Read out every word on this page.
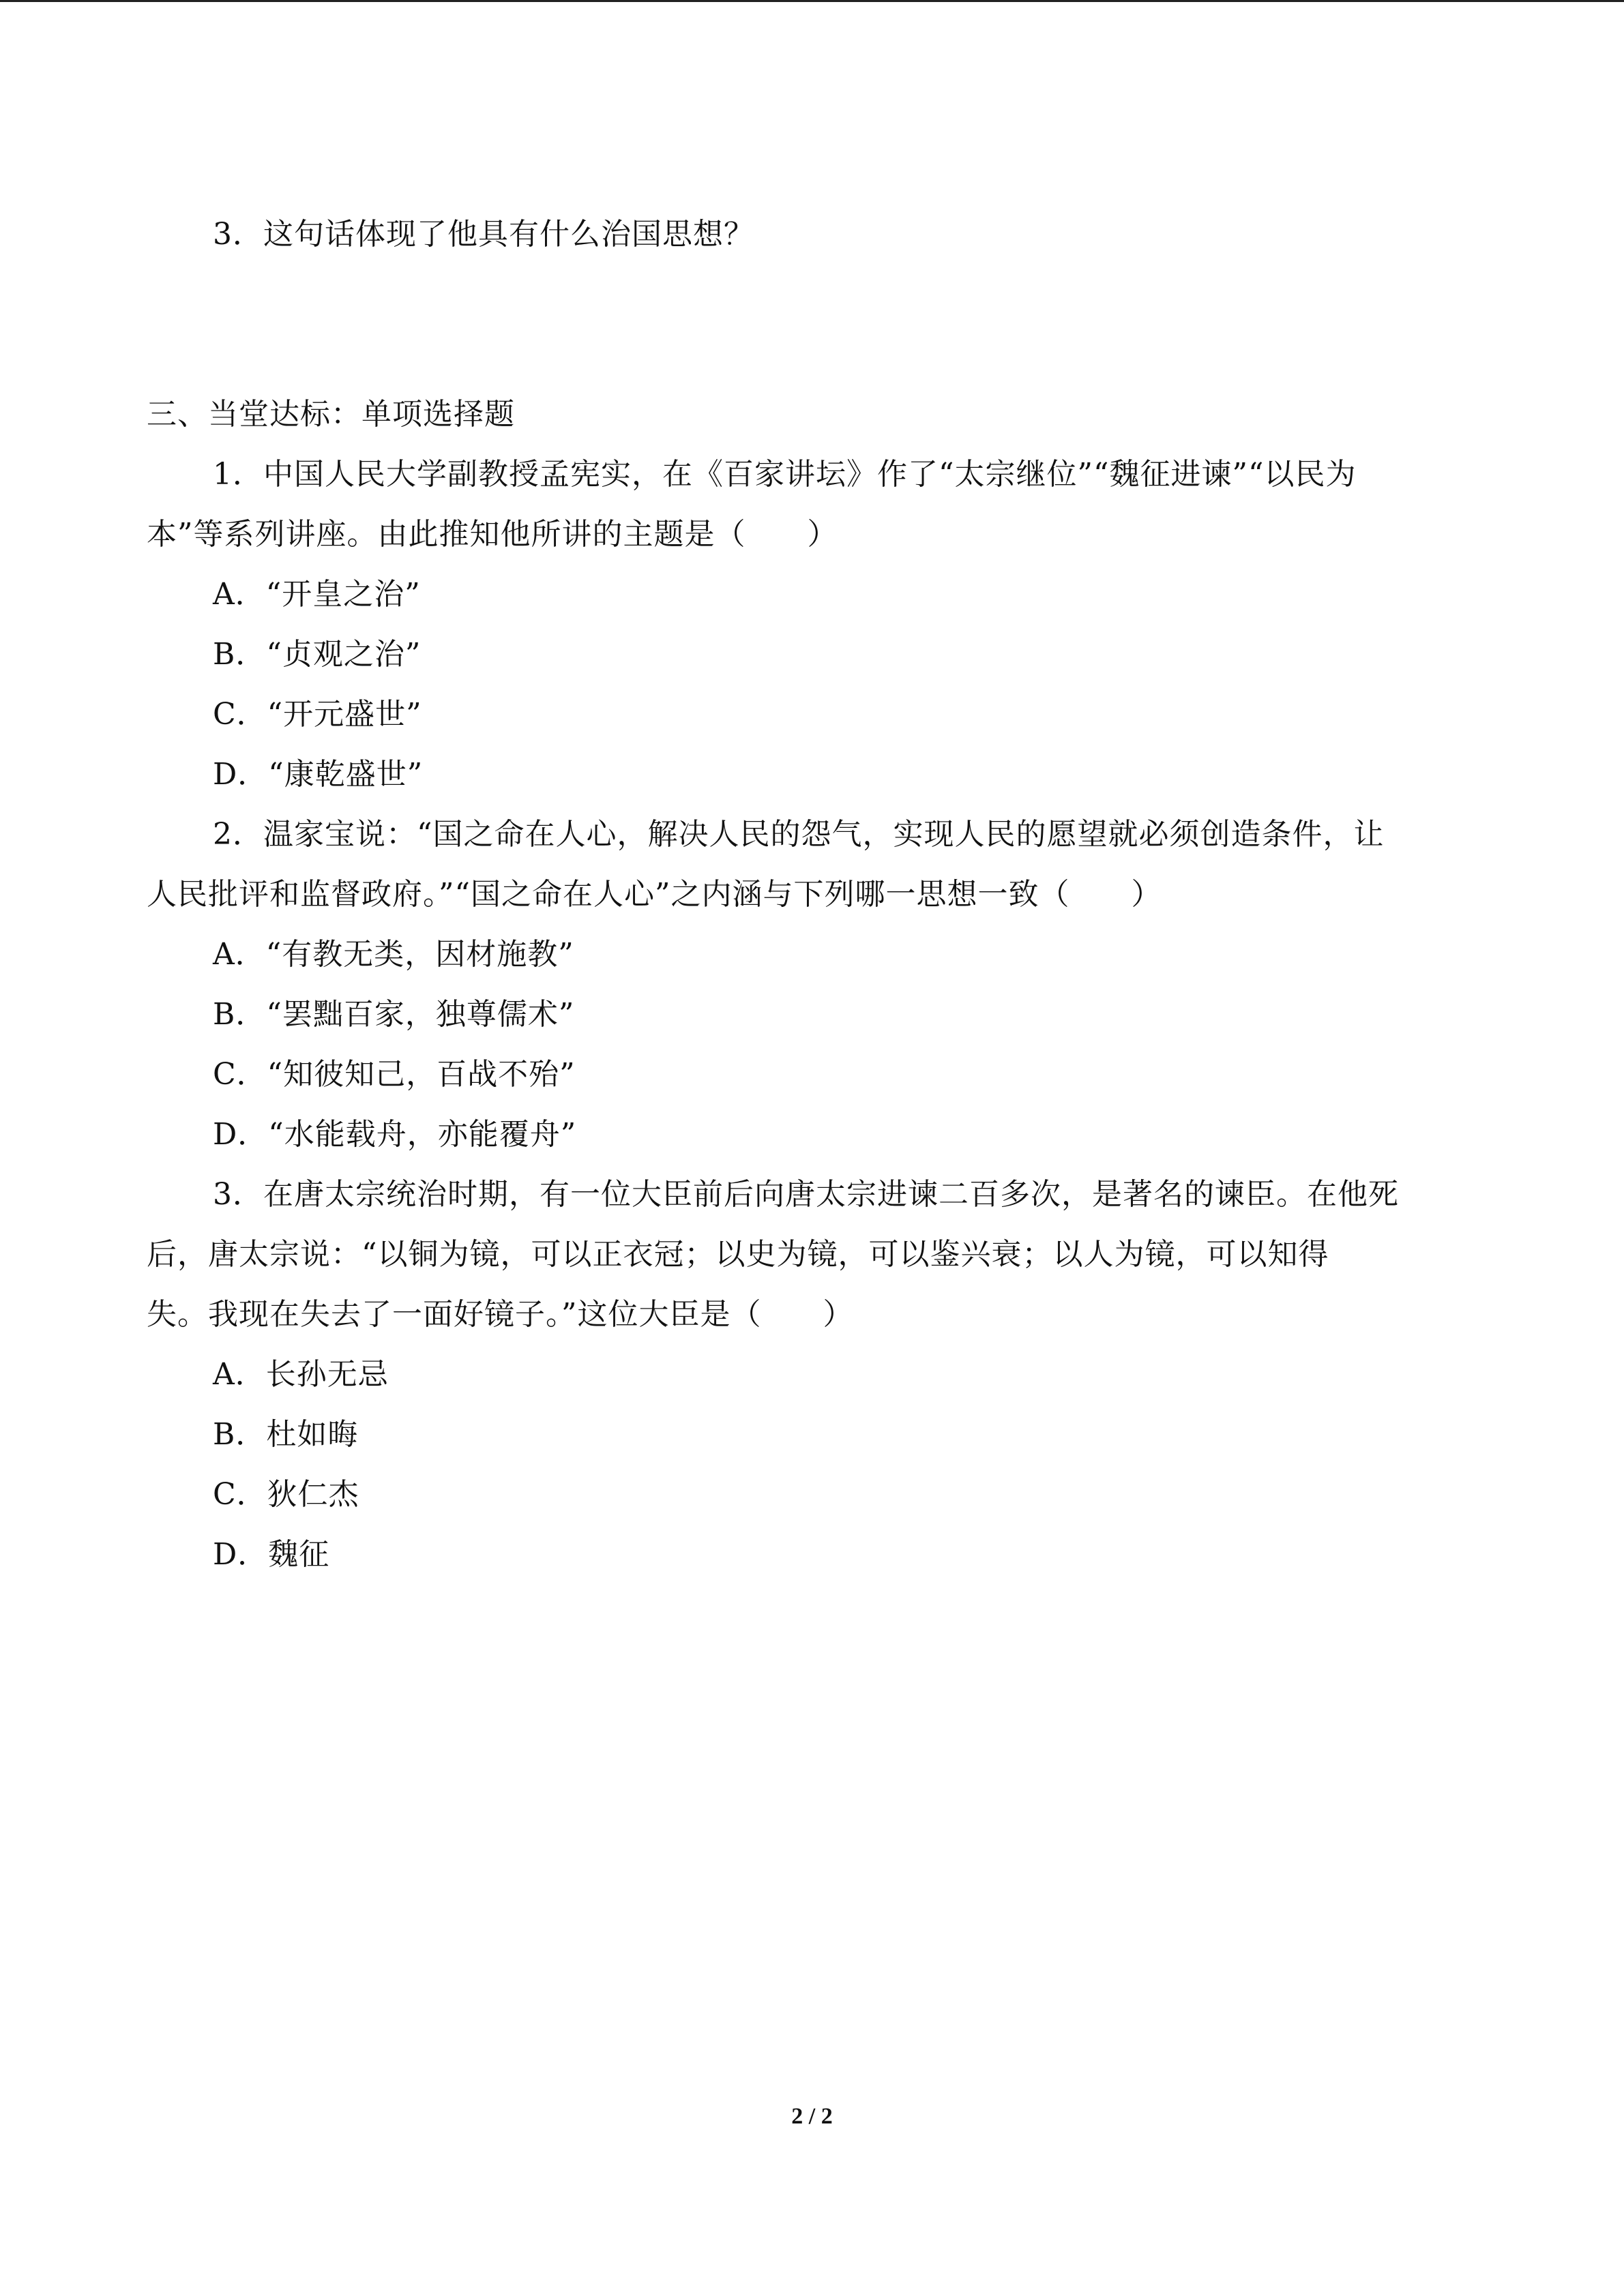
3．这句话体现了他具有什么治国思想？
三、当堂达标：单项选择题
1．中国人民大学副教授孟宪实，在《百家讲坛》作了“太宗继位”“魏征进谏”“以民为
本”等系列讲座。由此推知他所讲的主题是（　　）
A．“开皇之治”
B．“贞观之治”
C．“开元盛世”
D．“康乾盛世”
2．温家宝说：“国之命在人心，解决人民的怨气，实现人民的愿望就必须创造条件，让
人民批评和监督政府。”“国之命在人心”之内涵与下列哪一思想一致（　　）
A．“有教无类，因材施教”
B．“罢黜百家，独尊儒术”
C．“知彼知己，百战不殆”
D．“水能载舟，亦能覆舟”
3．在唐太宗统治时期，有一位大臣前后向唐太宗进谏二百多次，是著名的谏臣。在他死
后，唐太宗说：“以铜为镜，可以正衣冠；以史为镜，可以鉴兴衰；以人为镜，可以知得
失。我现在失去了一面好镜子。”这位大臣是（　　）
A．长孙无忌
B．杜如晦
C．狄仁杰
D．魏征
2 / 2
